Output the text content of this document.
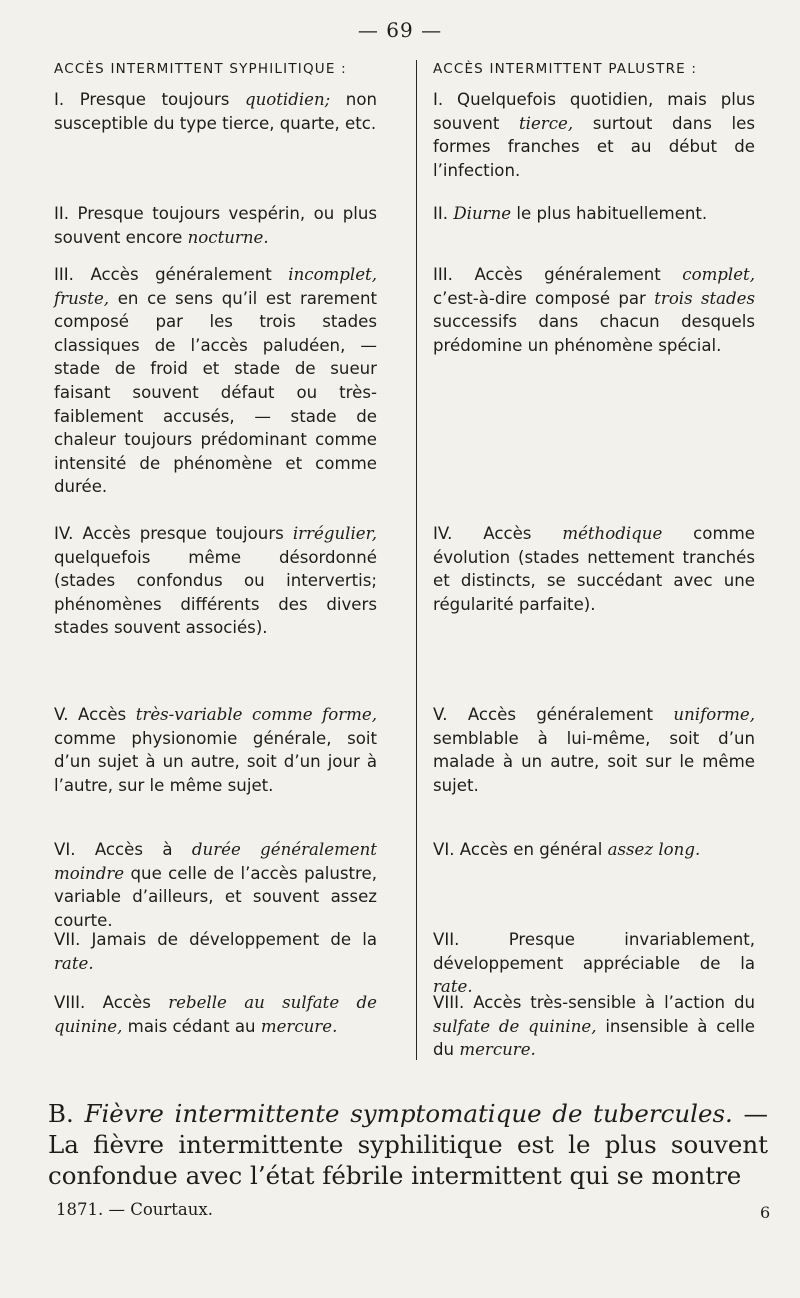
— 69 —
ACCÈS INTERMITTENT SYPHILITIQUE :

I. Presque toujours quotidien; non susceptible du type tierce, quarte, etc.

II. Presque toujours vespérin, ou plus souvent encore nocturne.

III. Accès généralement incomplet, fruste, en ce sens qu’il est rarement composé par les trois stades classiques de l’accès paludéen, — stade de froid et stade de sueur faisant souvent défaut ou très-faiblement accusés, — stade de chaleur toujours prédominant comme intensité de phénomène et comme durée.

IV. Accès presque toujours irrégulier, quelquefois même désordonné (stades confondus ou intervertis; phénomènes différents des divers stades souvent associés).

V. Accès très-variable comme forme, comme physionomie générale, soit d’un sujet à un autre, soit d’un jour à l’autre, sur le même sujet.

VI. Accès à durée généralement moindre que celle de l’accès palustre, variable d’ailleurs, et souvent assez courte.

VII. Jamais de développement de la rate.

VIII. Accès rebelle au sulfate de quinine, mais cédant au mercure.

ACCÈS INTERMITTENT PALUSTRE :

I. Quelquefois quotidien, mais plus souvent tierce, surtout dans les formes franches et au début de l’infection.

II. Diurne le plus habituellement.

III. Accès généralement complet, c’est-à-dire composé par trois stades successifs dans chacun desquels prédomine un phénomène spécial.

IV. Accès méthodique comme évolution (stades nettement tranchés et distincts, se succédant avec une régularité parfaite).

V. Accès généralement uniforme, semblable à lui-même, soit d’un malade à un autre, soit sur le même sujet.

VI. Accès en général assez long.

VII. Presque invariablement, développement appréciable de la rate.

VIII. Accès très-sensible à l’action du sulfate de quinine, insensible à celle du mercure.

B. Fièvre intermittente symptomatique de tubercules. — La fièvre intermittente syphilitique est le plus souvent confondue avec l’état fébrile intermittent qui se montre
1871. — Courtaux.	6
